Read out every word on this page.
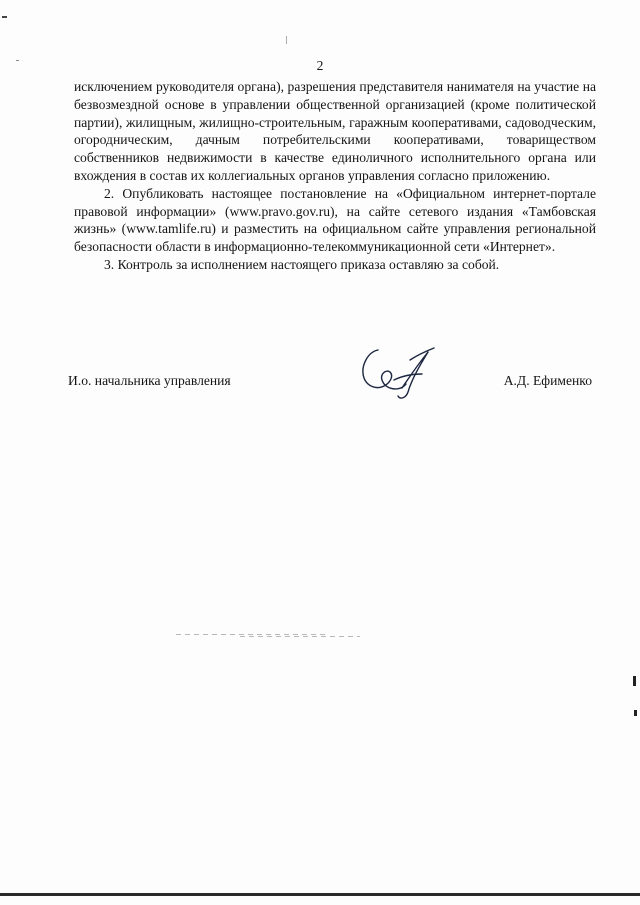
2

исключением руководителя органа), разрешения представителя нанимателя на участие на безвозмездной основе в управлении общественной организацией (кроме политической партии), жилищным, жилищно-строительным, гаражным кооперативами, садоводческим, огородническим, дачным потребительскими кооперативами, товариществом собственников недвижимости в качестве единоличного исполнительного органа или вхождения в состав их коллегиальных органов управления согласно приложению.

2. Опубликовать настоящее постановление на «Официальном интернет-портале правовой информации» (www.pravo.gov.ru), на сайте сетевого издания «Тамбовская жизнь» (www.tamlife.ru) и разместить на официальном сайте управления региональной безопасности области в информационно-телекоммуникационной сети «Интернет».

3. Контроль за исполнением настоящего приказа оставляю за собой.

И.о. начальника управления	А.Д. Ефименко
